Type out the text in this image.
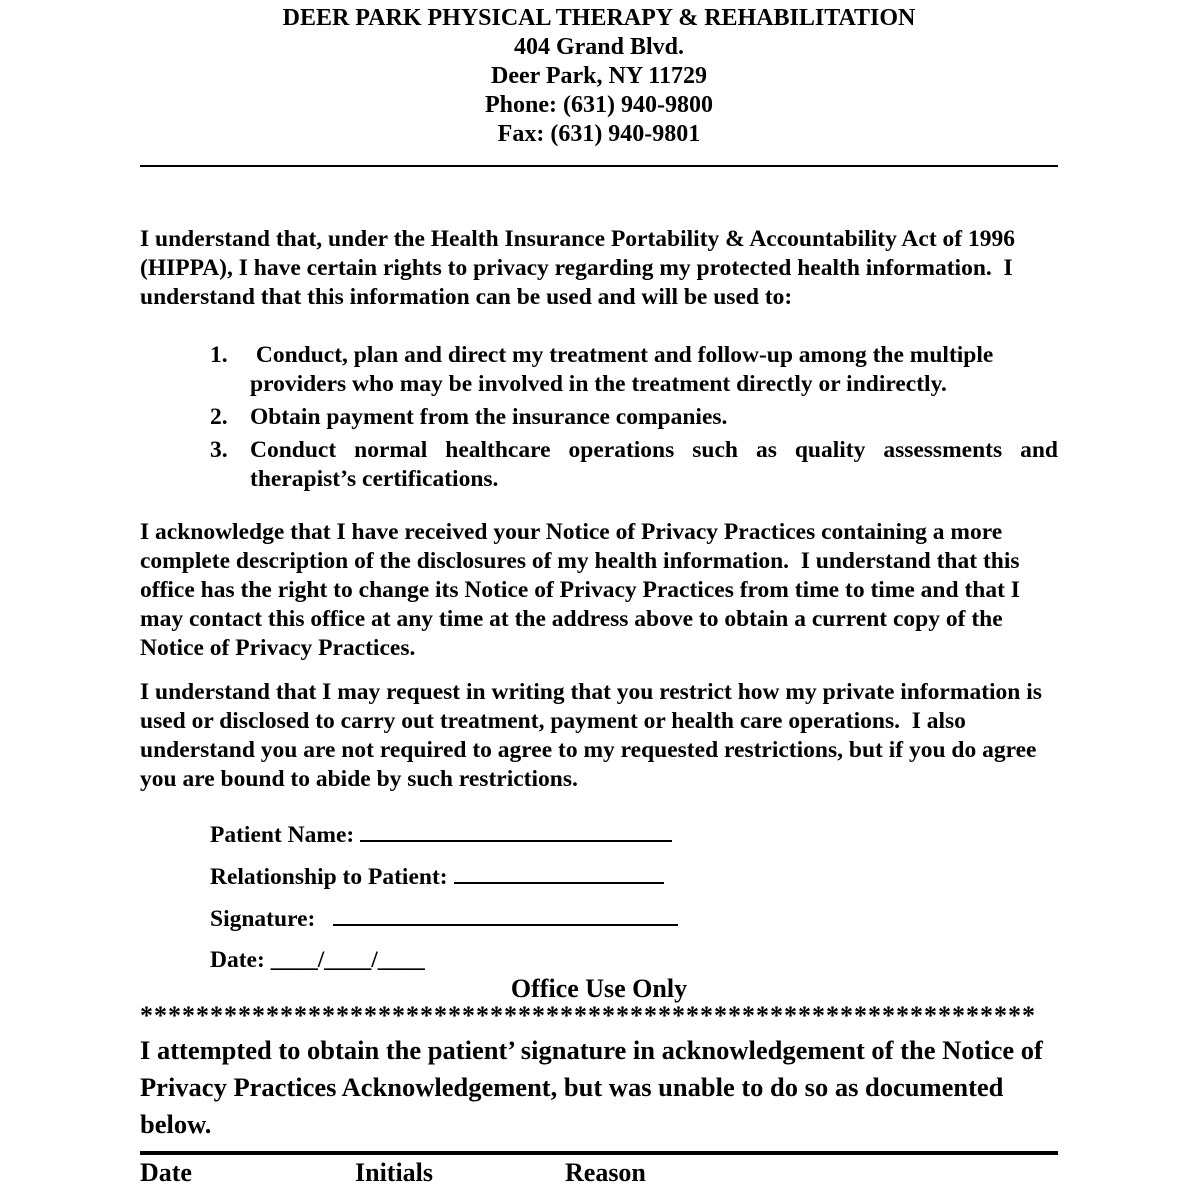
DEER PARK PHYSICAL THERAPY & REHABILITATION
404 Grand Blvd.
Deer Park, NY 11729
Phone: (631) 940-9800
Fax: (631) 940-9801

I understand that, under the Health Insurance Portability & Accountability Act of 1996 (HIPPA), I have certain rights to privacy regarding my protected health information.  I understand that this information can be used and will be used to:

1. Conduct, plan and direct my treatment and follow-up among the multiple providers who may be involved in the treatment directly or indirectly.
2. Obtain payment from the insurance companies.
3. Conduct normal healthcare operations such as quality assessments and therapist’s certifications.

I acknowledge that I have received your Notice of Privacy Practices containing a more complete description of the disclosures of my health information.  I understand that this office has the right to change its Notice of Privacy Practices from time to time and that I may contact this office at any time at the address above to obtain a current copy of the Notice of Privacy Practices.

I understand that I may request in writing that you restrict how my private information is used or disclosed to carry out treatment, payment or health care operations.  I also understand you are not required to agree to my requested restrictions, but if you do agree you are bound to abide by such restrictions.

Patient Name:
Relationship to Patient:
Signature:
Date: ____/____/____
Office Use Only
****************************************************************

I attempted to obtain the patient’ signature in acknowledgement of the Notice of Privacy Practices Acknowledgement, but was unable to do so as documented below.

Date	Initials	Reason
